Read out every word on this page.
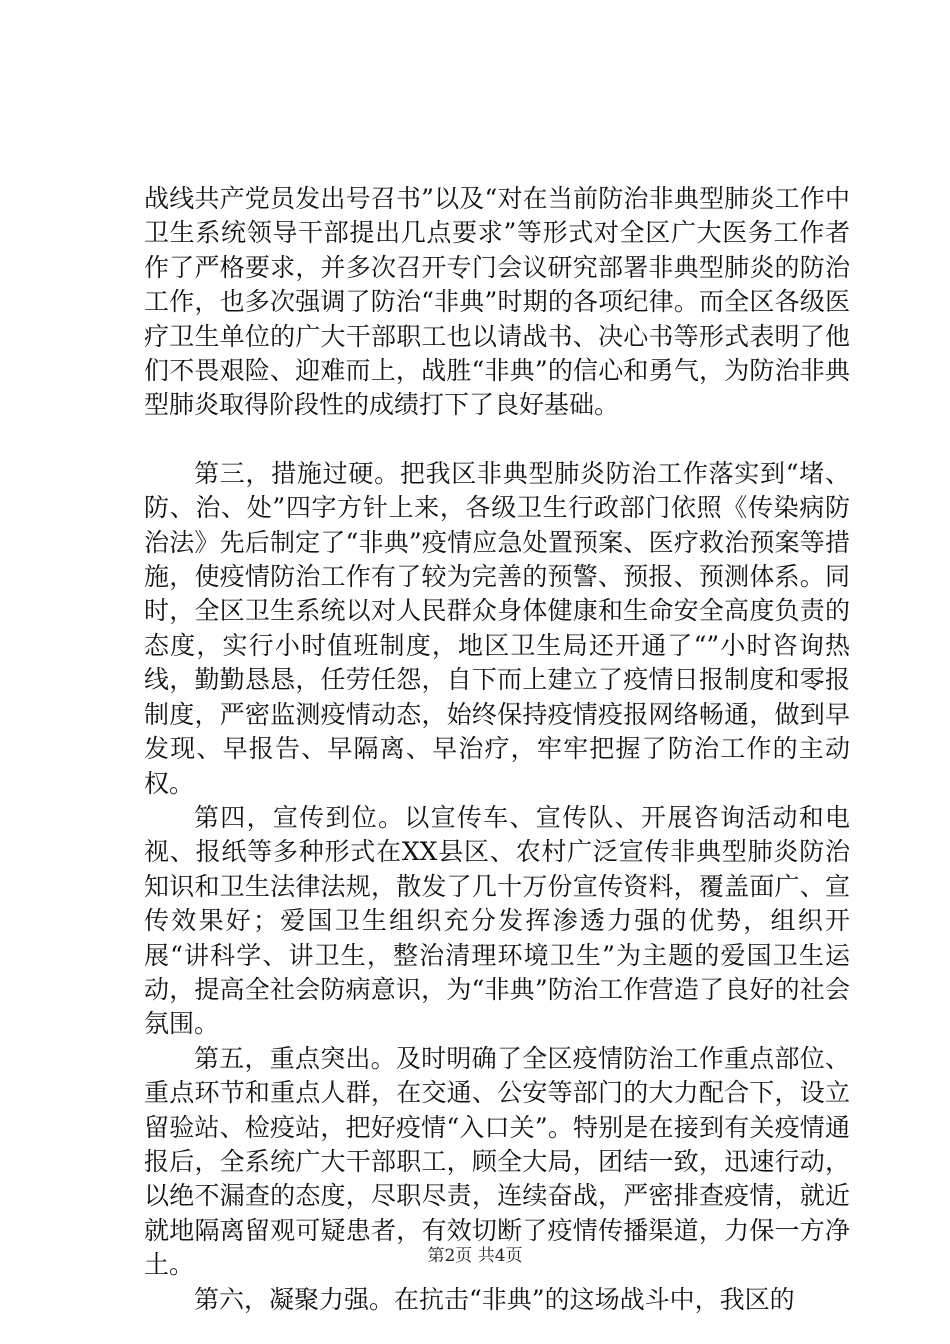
战线共产党员发出号召书”以及“对在当前防治非典型肺炎工作中卫生系统领导干部提出几点要求”等形式对全区广大医务工作者作了严格要求，并多次召开专门会议研究部署非典型肺炎的防治工作，也多次强调了防治“非典”时期的各项纪律。而全区各级医疗卫生单位的广大干部职工也以请战书、决心书等形式表明了他们不畏艰险、迎难而上，战胜“非典”的信心和勇气，为防治非典型肺炎取得阶段性的成绩打下了良好基础。

第三，措施过硬。把我区非典型肺炎防治工作落实到“堵、防、治、处”四字方针上来，各级卫生行政部门依照《传染病防治法》先后制定了“非典”疫情应急处置预案、医疗救治预案等措施，使疫情防治工作有了较为完善的预警、预报、预测体系。同时，全区卫生系统以对人民群众身体健康和生命安全高度负责的态度，实行小时值班制度，地区卫生局还开通了“”小时咨询热线，勤勤恳恳，任劳任怨，自下而上建立了疫情日报制度和零报制度，严密监测疫情动态，始终保持疫情疫报网络畅通，做到早发现、早报告、早隔离、早治疗，牢牢把握了防治工作的主动权。

第四，宣传到位。以宣传车、宣传队、开展咨询活动和电视、报纸等多种形式在XX县区、农村广泛宣传非典型肺炎防治知识和卫生法律法规，散发了几十万份宣传资料，覆盖面广、宣传效果好；爱国卫生组织充分发挥渗透力强的优势，组织开展“讲科学、讲卫生，整治清理环境卫生”为主题的爱国卫生运动，提高全社会防病意识，为“非典”防治工作营造了良好的社会氛围。

第五，重点突出。及时明确了全区疫情防治工作重点部位、重点环节和重点人群，在交通、公安等部门的大力配合下，设立留验站、检疫站，把好疫情“入口关”。特别是在接到有关疫情通报后，全系统广大干部职工，顾全大局，团结一致，迅速行动，以绝不漏查的态度，尽职尽责，连续奋战，严密排查疫情，就近就地隔离留观可疑患者，有效切断了疫情传播渠道，力保一方净土。

第六，凝聚力强。在抗击“非典”的这场战斗中，我区的

第2页 共4页
